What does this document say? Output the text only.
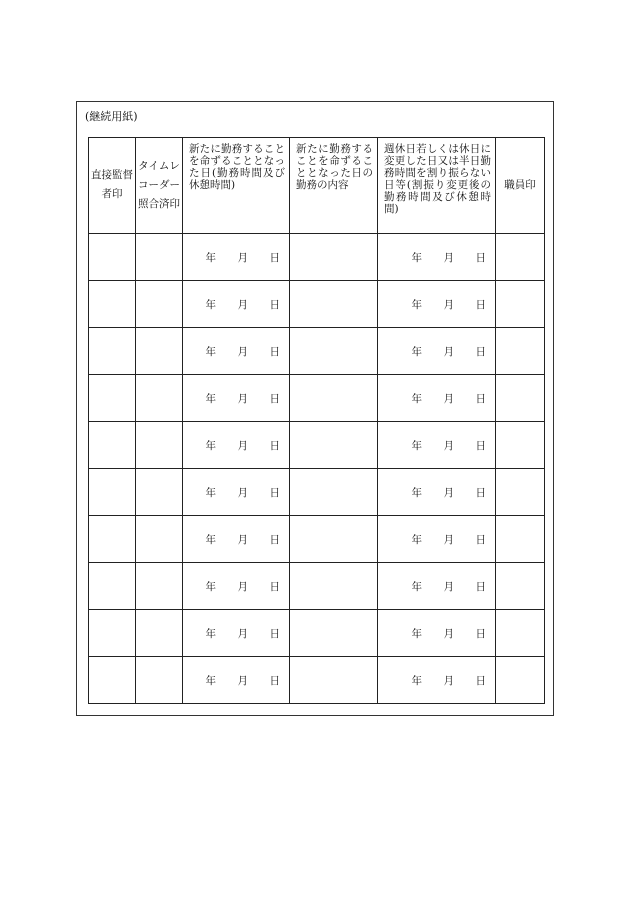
(継続用紙)
直接監督者印	タイムレコーダー照合済印	新たに勤務することを命ずることとなった日(勤務時間及び休憩時間)	新たに勤務することを命ずることとなった日の勤務の内容	週休日若しくは休日に変更した日又は半日勤務時間を割り振らない日等(割振り変更後の勤務時間及び休憩時間)	職員印

		年 月 日		年 月 日	

		年 月 日		年 月 日	

		年 月 日		年 月 日	

		年 月 日		年 月 日	

		年 月 日		年 月 日	

		年 月 日		年 月 日	

		年 月 日		年 月 日	

		年 月 日		年 月 日	

		年 月 日		年 月 日	

		年 月 日		年 月 日	
